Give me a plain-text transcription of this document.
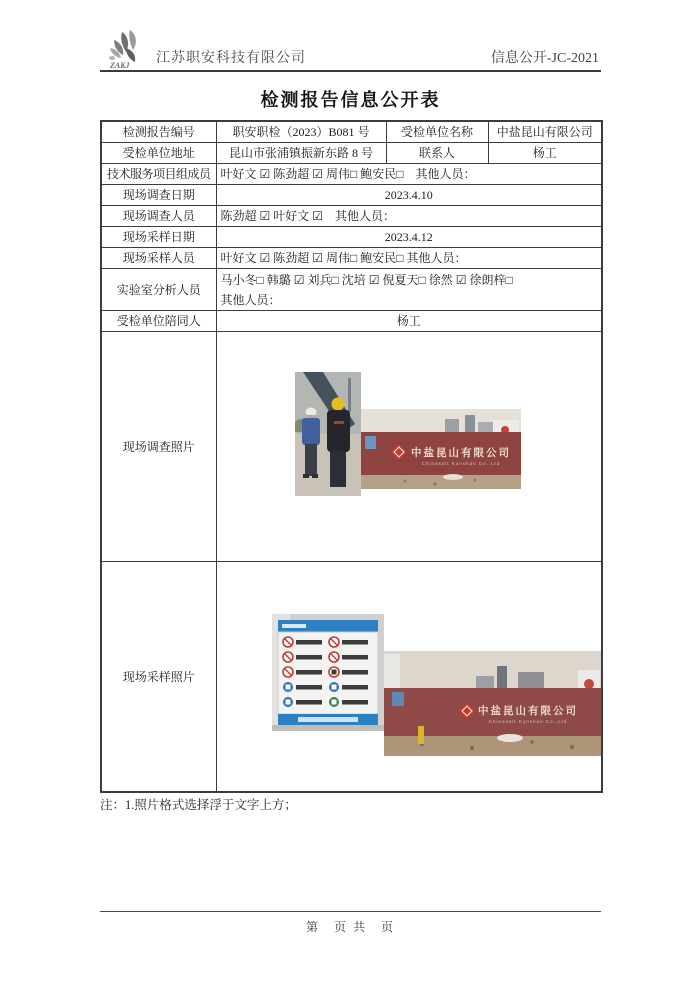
ZAKJ 江苏职安科技有限公司	信息公开-JC-2021
检测报告信息公开表
检测报告编号	职安职检（2023）B081 号	受检单位名称	中盐昆山有限公司
受检单位地址	昆山市张浦镇振新东路 8 号	联系人	杨工
技术服务项目组成员	叶好文 ☑ 陈劲超 ☑ 周伟□ 鲍安民□　其他人员：		
现场调查日期	2023.4.10		
现场调查人员	陈劲超 ☑ 叶好文 ☑　其他人员：		
现场采样日期	2023.4.12		
现场采样人员	叶好文 ☑ 陈劲超 ☑ 周伟□ 鲍安民□ 其他人员：		
实验室分析人员	马小冬□ 韩璐 ☑ 刘兵□ 沈培 ☑ 倪夏天□ 徐然 ☑ 徐朗梓□
其他人员：		

受检单位陪同人	杨工		
现场调查照片	中盐昆山有限公司
Chinasalt Kunshan Co.,Ltd		

现场采样照片	中盐昆山有限公司
Chinasalt Kunshan Co.,Ltd		
注：1.照片格式选择浮于文字上方；
第　页 共　页
